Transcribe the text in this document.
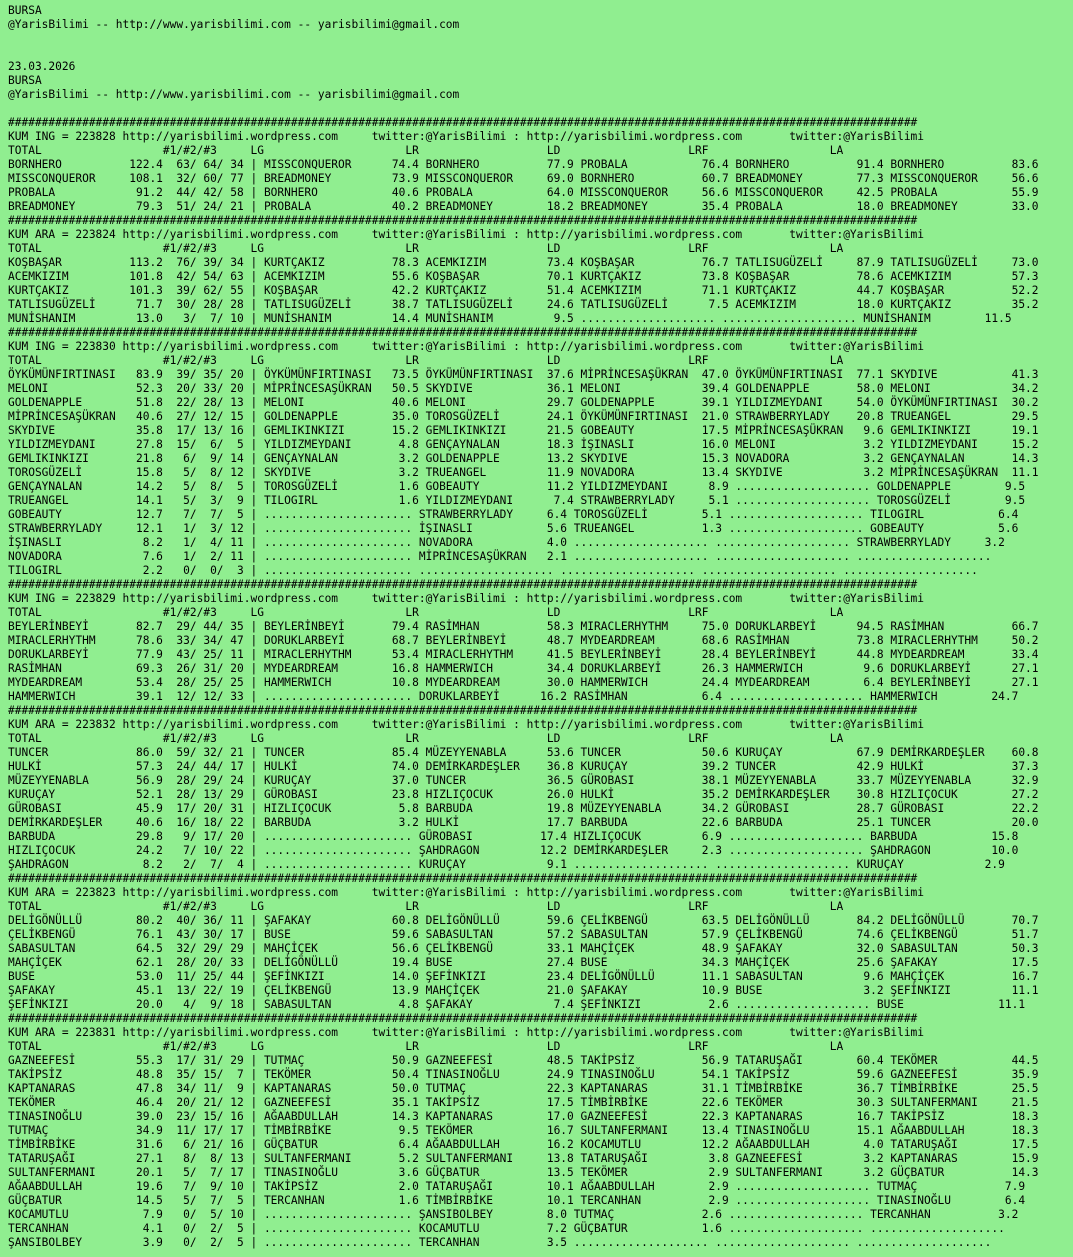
BURSA
@YarisBilimi -- http://www.yarisbilimi.com -- yarisbilimi@gmail.com
23.03.2026
BURSA
@YarisBilimi -- http://www.yarisbilimi.com -- yarisbilimi@gmail.com
#######################################################################################################################################
KUM ING = 223828 http://yarisbilimi.wordpress.com     twitter:@YarisBilimi : http://yarisbilimi.wordpress.com       twitter:@YarisBilimi
TOTAL                  #1/#2/#3     LG                     LR                   LD                   LRF                  LA
BORNHERO          122.4  63/ 64/ 34 | MISSCONQUEROR      74.4 BORNHERO          77.9 PROBALA           76.4 BORNHERO          91.4 BORNHERO          83.6
MISSCONQUEROR     108.1  32/ 60/ 77 | BREADMONEY         73.9 MISSCONQUEROR     69.0 BORNHERO          60.7 BREADMONEY        77.3 MISSCONQUEROR     56.6
PROBALA            91.2  44/ 42/ 58 | BORNHERO           40.6 PROBALA           64.0 MISSCONQUEROR     56.6 MISSCONQUEROR     42.5 PROBALA           55.9
BREADMONEY         79.3  51/ 24/ 21 | PROBALA            40.2 BREADMONEY        18.2 BREADMONEY        35.4 PROBALA           18.0 BREADMONEY        33.0
#######################################################################################################################################
KUM ARA = 223824 http://yarisbilimi.wordpress.com     twitter:@YarisBilimi : http://yarisbilimi.wordpress.com       twitter:@YarisBilimi
TOTAL                  #1/#2/#3     LG                     LR                   LD                   LRF                  LA
KOŞBAŞAR          113.2  76/ 39/ 34 | KURTÇAKIZ          78.3 ACEMKIZIM         73.4 KOŞBAŞAR          76.7 TATLISUGÜZELİ     87.9 TATLISUGÜZELİ     73.0
ACEMKIZIM         101.8  42/ 54/ 63 | ACEMKIZIM          55.6 KOŞBAŞAR          70.1 KURTÇAKIZ         73.8 KOŞBAŞAR          78.6 ACEMKIZIM         57.3
KURTÇAKIZ         101.3  39/ 62/ 55 | KOŞBAŞAR           42.2 KURTÇAKIZ         51.4 ACEMKIZIM         71.1 KURTÇAKIZ         44.7 KOŞBAŞAR          52.2
TATLISUGÜZELİ      71.7  30/ 28/ 28 | TATLISUGÜZELİ      38.7 TATLISUGÜZELİ     24.6 TATLISUGÜZELİ      7.5 ACEMKIZIM         18.0 KURTÇAKIZ         35.2
MUNİSHANIM         13.0   3/  7/ 10 | MUNİSHANIM         14.4 MUNİSHANIM         9.5 .................... .................... MUNİSHANIM        11.5
#######################################################################################################################################
KUM ING = 223830 http://yarisbilimi.wordpress.com     twitter:@YarisBilimi : http://yarisbilimi.wordpress.com       twitter:@YarisBilimi
TOTAL                  #1/#2/#3     LG                     LR                   LD                   LRF                  LA
ÖYKÜMÜNFIRTINASI   83.9  39/ 35/ 20 | ÖYKÜMÜNFIRTINASI   73.5 ÖYKÜMÜNFIRTINASI  37.6 MİPRİNCESAŞÜKRAN  47.0 ÖYKÜMÜNFIRTINASI  77.1 SKYDIVE           41.3
MELONI             52.3  20/ 33/ 20 | MİPRİNCESAŞÜKRAN   50.5 SKYDIVE           36.1 MELONI            39.4 GOLDENAPPLE       58.0 MELONI            34.2
GOLDENAPPLE        51.8  22/ 28/ 13 | MELONI             40.6 MELONI            29.7 GOLDENAPPLE       39.1 YILDIZMEYDANI     54.0 ÖYKÜMÜNFIRTINASI  30.2
MİPRİNCESAŞÜKRAN   40.6  27/ 12/ 15 | GOLDENAPPLE        35.0 TOROSGÜZELİ       24.1 ÖYKÜMÜNFIRTINASI  21.0 STRAWBERRYLADY    20.8 TRUEANGEL         29.5
SKYDIVE            35.8  17/ 13/ 16 | GEMLIKINKIZI       15.2 GEMLIKINKIZI      21.5 GOBEAUTY          17.5 MİPRİNCESAŞÜKRAN   9.6 GEMLIKINKIZI      19.1
YILDIZMEYDANI      27.8  15/  6/  5 | YILDIZMEYDANI       4.8 GENÇAYNALAN       18.3 İŞINASLI          16.0 MELONI             3.2 YILDIZMEYDANI     15.2
GEMLIKINKIZI       21.8   6/  9/ 14 | GENÇAYNALAN         3.2 GOLDENAPPLE       13.2 SKYDIVE           15.3 NOVADORA           3.2 GENÇAYNALAN       14.3
TOROSGÜZELİ        15.8   5/  8/ 12 | SKYDIVE             3.2 TRUEANGEL         11.9 NOVADORA          13.4 SKYDIVE            3.2 MİPRİNCESAŞÜKRAN  11.1
GENÇAYNALAN        14.2   5/  8/  5 | TOROSGÜZELİ         1.6 GOBEAUTY          11.2 YILDIZMEYDANI      8.9 .................... GOLDENAPPLE        9.5
TRUEANGEL          14.1   5/  3/  9 | TILOGIRL            1.6 YILDIZMEYDANI      7.4 STRAWBERRYLADY     5.1 .................... TOROSGÜZELİ        9.5
GOBEAUTY           12.7   7/  7/  5 | ...................... STRAWBERRYLADY     6.4 TOROSGÜZELİ        5.1 .................... TILOGIRL           6.4
STRAWBERRYLADY     12.1   1/  3/ 12 | ...................... İŞINASLI           5.6 TRUEANGEL          1.3 .................... GOBEAUTY           5.6
İŞINASLI            8.2   1/  4/ 11 | ...................... NOVADORA           4.0 .................... .................... STRAWBERRYLADY     3.2
NOVADORA            7.6   1/  2/ 11 | ...................... MİPRİNCESAŞÜKRAN   2.1 .................... .................... ....................
TILOGIRL            2.2   0/  0/  3 | ...................... .................... .................... .................... ....................
#######################################################################################################################################
KUM ING = 223829 http://yarisbilimi.wordpress.com     twitter:@YarisBilimi : http://yarisbilimi.wordpress.com       twitter:@YarisBilimi
TOTAL                  #1/#2/#3     LG                     LR                   LD                   LRF                  LA
BEYLERİNBEYİ       82.7  29/ 44/ 35 | BEYLERİNBEYİ       79.4 RASİMHAN          58.3 MIRACLERHYTHM     75.0 DORUKLARBEYİ      94.5 RASİMHAN          66.7
MIRACLERHYTHM      78.6  33/ 34/ 47 | DORUKLARBEYİ       68.7 BEYLERİNBEYİ      48.7 MYDEARDREAM       68.6 RASİMHAN          73.8 MIRACLERHYTHM     50.2
DORUKLARBEYİ       77.9  43/ 25/ 11 | MIRACLERHYTHM      53.4 MIRACLERHYTHM     41.5 BEYLERİNBEYİ      28.4 BEYLERİNBEYİ      44.8 MYDEARDREAM       33.4
RASİMHAN           69.3  26/ 31/ 20 | MYDEARDREAM        16.8 HAMMERWICH        34.4 DORUKLARBEYİ      26.3 HAMMERWICH         9.6 DORUKLARBEYİ      27.1
MYDEARDREAM        53.4  28/ 25/ 25 | HAMMERWICH         10.8 MYDEARDREAM       30.0 HAMMERWICH        24.4 MYDEARDREAM        6.4 BEYLERİNBEYİ      27.1
HAMMERWICH         39.1  12/ 12/ 33 | ...................... DORUKLARBEYİ      16.2 RASİMHAN           6.4 .................... HAMMERWICH        24.7
#######################################################################################################################################
KUM ARA = 223832 http://yarisbilimi.wordpress.com     twitter:@YarisBilimi : http://yarisbilimi.wordpress.com       twitter:@YarisBilimi
TOTAL                  #1/#2/#3     LG                     LR                   LD                   LRF                  LA
TUNCER             86.0  59/ 32/ 21 | TUNCER             85.4 MÜZEYYENABLA      53.6 TUNCER            50.6 KURUÇAY           67.9 DEMİRKARDEŞLER    60.8
HULKİ              57.3  24/ 44/ 17 | HULKİ              74.0 DEMİRKARDEŞLER    36.8 KURUÇAY           39.2 TUNCER            42.9 HULKİ             37.3
MÜZEYYENABLA       56.9  28/ 29/ 24 | KURUÇAY            37.0 TUNCER            36.5 GÜROBASI          38.1 MÜZEYYENABLA      33.7 MÜZEYYENABLA      32.9
KURUÇAY            52.1  28/ 13/ 29 | GÜROBASI           23.8 HIZLIÇOCUK        26.0 HULKİ             35.2 DEMİRKARDEŞLER    30.8 HIZLIÇOCUK        27.2
GÜROBASI           45.9  17/ 20/ 31 | HIZLIÇOCUK          5.8 BARBUDA           19.8 MÜZEYYENABLA      34.2 GÜROBASI          28.7 GÜROBASI          22.2
DEMİRKARDEŞLER     40.6  16/ 18/ 22 | BARBUDA             3.2 HULKİ             17.7 BARBUDA           22.6 BARBUDA           25.1 TUNCER            20.0
BARBUDA            29.8   9/ 17/ 20 | ...................... GÜROBASI          17.4 HIZLIÇOCUK         6.9 .................... BARBUDA           15.8
HIZLIÇOCUK         24.2   7/ 10/ 22 | ...................... ŞAHDRAGON         12.2 DEMİRKARDEŞLER     2.3 .................... ŞAHDRAGON         10.0
ŞAHDRAGON           8.2   2/  7/  4 | ...................... KURUÇAY            9.1 .................... .................... KURUÇAY            2.9
#######################################################################################################################################
KUM ARA = 223823 http://yarisbilimi.wordpress.com     twitter:@YarisBilimi : http://yarisbilimi.wordpress.com       twitter:@YarisBilimi
TOTAL                  #1/#2/#3     LG                     LR                   LD                   LRF                  LA
DELİGÖNÜLLÜ        80.2  40/ 36/ 11 | ŞAFAKAY            60.8 DELİGÖNÜLLÜ       59.6 ÇELİKBENGÜ        63.5 DELİGÖNÜLLÜ       84.2 DELİGÖNÜLLÜ       70.7
ÇELİKBENGÜ         76.1  43/ 30/ 17 | BUSE               59.6 SABASULTAN        57.2 SABASULTAN        57.9 ÇELİKBENGÜ        74.6 ÇELİKBENGÜ        51.7
SABASULTAN         64.5  32/ 29/ 29 | MAHÇİÇEK           56.6 ÇELİKBENGÜ        33.1 MAHÇİÇEK          48.9 ŞAFAKAY           32.0 SABASULTAN        50.3
MAHÇİÇEK           62.1  28/ 20/ 33 | DELİGÖNÜLLÜ        19.4 BUSE              27.4 BUSE              34.3 MAHÇİÇEK          25.6 ŞAFAKAY           17.5
BUSE               53.0  11/ 25/ 44 | ŞEFİNKIZI          14.0 ŞEFİNKIZI         23.4 DELİGÖNÜLLÜ       11.1 SABASULTAN         9.6 MAHÇİÇEK          16.7
ŞAFAKAY            45.1  13/ 22/ 19 | ÇELİKBENGÜ         13.9 MAHÇİÇEK          21.0 ŞAFAKAY           10.9 BUSE               3.2 ŞEFİNKIZI         11.1
ŞEFİNKIZI          20.0   4/  9/ 18 | SABASULTAN          4.8 ŞAFAKAY            7.4 ŞEFİNKIZI          2.6 .................... BUSE              11.1
#######################################################################################################################################
KUM ARA = 223831 http://yarisbilimi.wordpress.com     twitter:@YarisBilimi : http://yarisbilimi.wordpress.com       twitter:@YarisBilimi
TOTAL                  #1/#2/#3     LG                     LR                   LD                   LRF                  LA
GAZNEEFESİ         55.3  17/ 31/ 29 | TUTMAÇ             50.9 GAZNEEFESİ        48.5 TAKİPSİZ          56.9 TATARUŞAĞI        60.4 TEKÖMER           44.5
TAKİPSİZ           48.8  35/ 15/  7 | TEKÖMER            50.4 TINASINOĞLU       24.9 TINASINOĞLU       54.1 TAKİPSİZ          59.6 GAZNEEFESİ        35.9
KAPTANARAS         47.8  34/ 11/  9 | KAPTANARAS         50.0 TUTMAÇ            22.3 KAPTANARAS        31.1 TİMBİRBİKE        36.7 TİMBİRBİKE        25.5
TEKÖMER            46.4  20/ 21/ 12 | GAZNEEFESİ         35.1 TAKİPSİZ          17.5 TİMBİRBİKE        22.6 TEKÖMER           30.3 SULTANFERMANI     21.5
TINASINOĞLU        39.0  23/ 15/ 16 | AĞAABDULLAH        14.3 KAPTANARAS        17.0 GAZNEEFESİ        22.3 KAPTANARAS        16.7 TAKİPSİZ          18.3
TUTMAÇ             34.9  11/ 17/ 17 | TİMBİRBİKE          9.5 TEKÖMER           16.7 SULTANFERMANI     13.4 TINASINOĞLU       15.1 AĞAABDULLAH       18.3
TİMBİRBİKE         31.6   6/ 21/ 16 | GÜÇBATUR            6.4 AĞAABDULLAH       16.2 KOCAMUTLU         12.2 AĞAABDULLAH        4.0 TATARUŞAĞI        17.5
TATARUŞAĞI         27.1   8/  8/ 13 | SULTANFERMANI       5.2 SULTANFERMANI     13.8 TATARUŞAĞI         3.8 GAZNEEFESİ         3.2 KAPTANARAS        15.9
SULTANFERMANI      20.1   5/  7/ 17 | TINASINOĞLU         3.6 GÜÇBATUR          13.5 TEKÖMER            2.9 SULTANFERMANI      3.2 GÜÇBATUR          14.3
AĞAABDULLAH        19.6   7/  9/ 10 | TAKİPSİZ            2.0 TATARUŞAĞI        10.1 AĞAABDULLAH        2.9 .................... TUTMAÇ             7.9
GÜÇBATUR           14.5   5/  7/  5 | TERCANHAN           1.6 TİMBİRBİKE        10.1 TERCANHAN          2.9 .................... TINASINOĞLU        6.4
KOCAMUTLU           7.9   0/  5/ 10 | ...................... ŞANSIBOLBEY        8.0 TUTMAÇ             2.6 .................... TERCANHAN          3.2
TERCANHAN           4.1   0/  2/  5 | ...................... KOCAMUTLU          7.2 GÜÇBATUR           1.6 .................... ....................
ŞANSIBOLBEY         3.9   0/  2/  5 | ...................... TERCANHAN          3.5 .................... .................... ....................
